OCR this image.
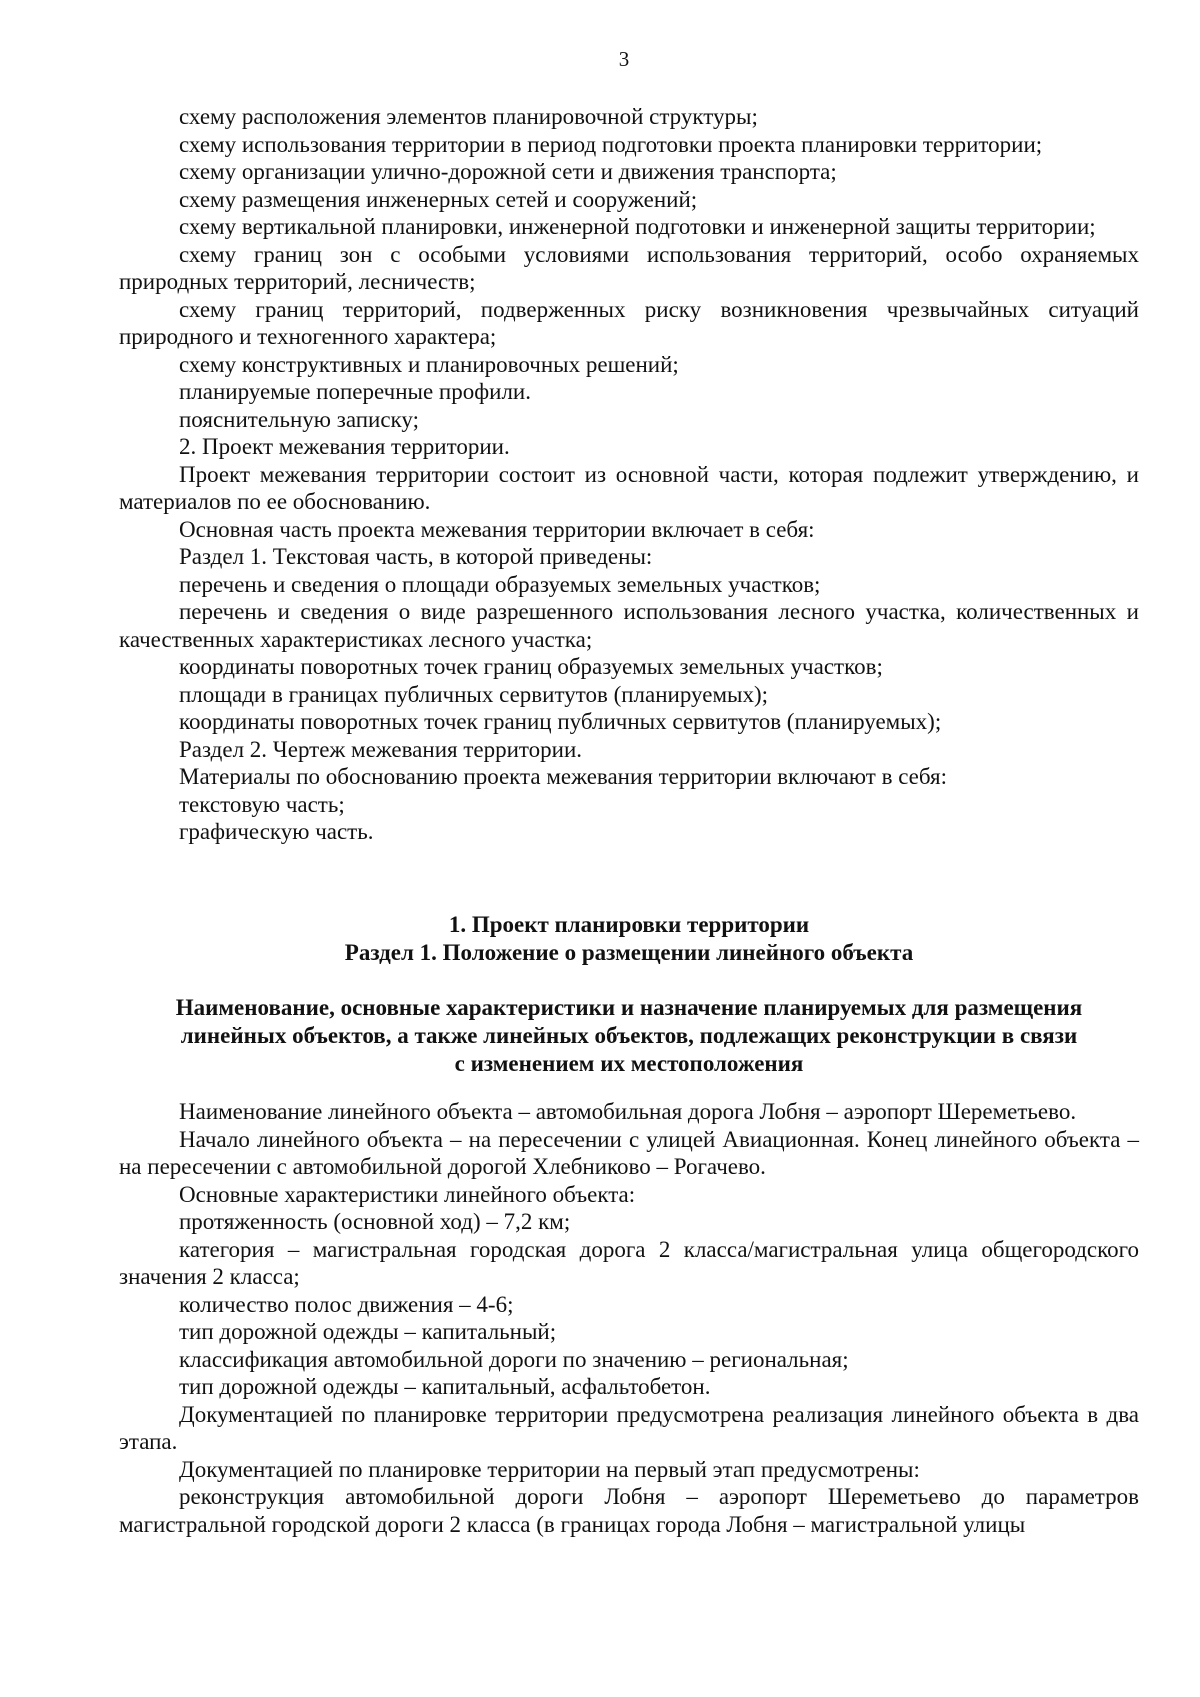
3

схему расположения элементов планировочной структуры;

схему использования территории в период подготовки проекта планировки территории;

схему организации улично-дорожной сети и движения транспорта;

схему размещения инженерных сетей и сооружений;

схему вертикальной планировки, инженерной подготовки и инженерной защиты территории;

схему границ зон с особыми условиями использования территорий, особо охраняемых природных территорий, лесничеств;

схему границ территорий, подверженных риску возникновения чрезвычайных ситуаций природного и техногенного характера;

схему конструктивных и планировочных решений;

планируемые поперечные профили.

пояснительную записку;

2. Проект межевания территории.

Проект межевания территории состоит из основной части, которая подлежит утверждению, и материалов по ее обоснованию.

Основная часть проекта межевания территории включает в себя:

Раздел 1. Текстовая часть, в которой приведены:

перечень и сведения о площади образуемых земельных участков;

перечень и сведения о виде разрешенного использования лесного участка, количественных и качественных характеристиках лесного участка;

координаты поворотных точек границ образуемых земельных участков;

площади в границах публичных сервитутов (планируемых);

координаты поворотных точек границ публичных сервитутов (планируемых);

Раздел 2. Чертеж межевания территории.

Материалы по обоснованию проекта межевания территории включают в себя:

текстовую часть;

графическую часть.

1. Проект планировки территории

Раздел 1. Положение о размещении линейного объекта

Наименование, основные характеристики и назначение планируемых для размещения

линейных объектов, а также линейных объектов, подлежащих реконструкции в связи

с изменением их местоположения

Наименование линейного объекта – автомобильная дорога Лобня – аэропорт Шереметьево.

Начало линейного объекта – на пересечении с улицей Авиационная. Конец линейного объекта – на пересечении с автомобильной дорогой Хлебниково – Рогачево.

Основные характеристики линейного объекта:

протяженность (основной ход) – 7,2 км;

категория – магистральная городская дорога 2 класса/магистральная улица общегородского значения 2 класса;

количество полос движения – 4-6;

тип дорожной одежды – капитальный;

классификация автомобильной дороги по значению – региональная;

тип дорожной одежды – капитальный, асфальтобетон.

Документацией по планировке территории предусмотрена реализация линейного объекта в два этапа.

Документацией по планировке территории на первый этап предусмотрены:

реконструкция автомобильной дороги Лобня – аэропорт Шереметьево до параметров магистральной городской дороги 2 класса (в границах города Лобня – магистральной улицы
